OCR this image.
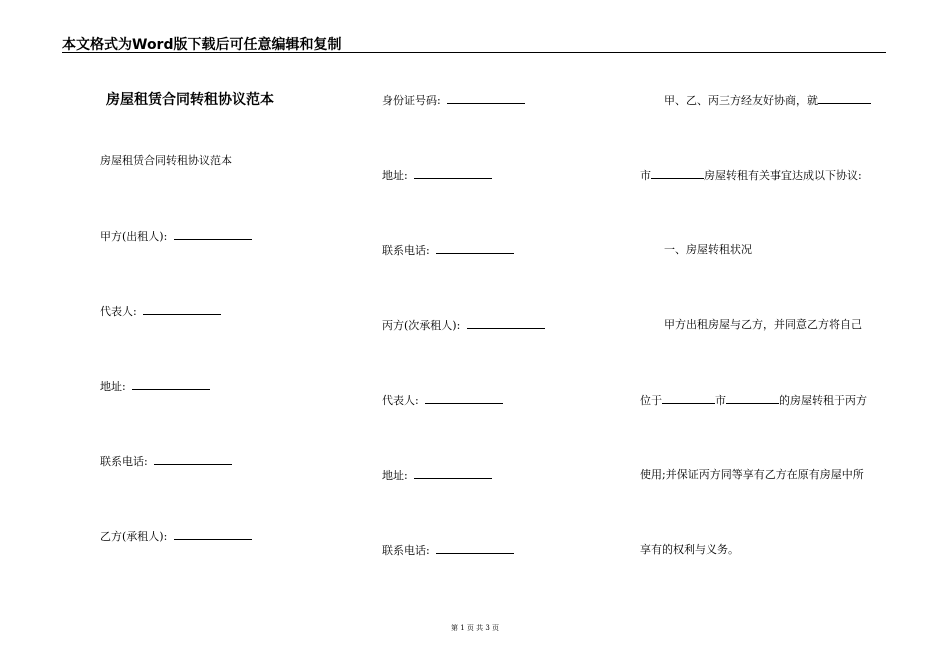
本文格式为Word版下载后可任意编辑和复制
房屋租赁合同转租协议范本
房屋租赁合同转租协议范本
甲方(出租人):
代表人:
地址:
联系电话:
乙方(承租人):
身份证号码:
地址:
联系电话:
丙方(次承租人):
代表人:
地址:
联系电话:
甲、乙、丙三方经友好协商，就
市	房屋转租有关事宜达成以下协议:
一、房屋转租状况
甲方出租房屋与乙方，并同意乙方将自己
位于	市	的房屋转租于丙方
使用;并保证丙方同等享有乙方在原有房屋中所
享有的权利与义务。
第 1 页 共 3 页
